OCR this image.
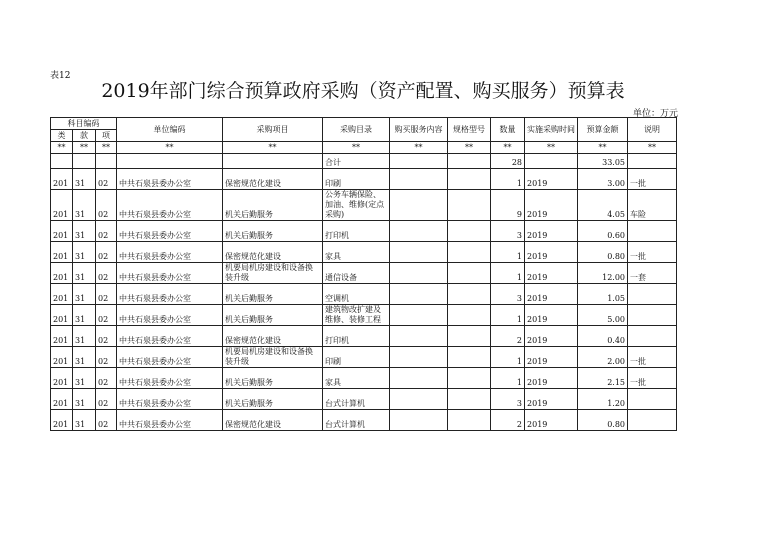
表12
2019年部门综合预算政府采购（资产配置、购买服务）预算表
单位：万元
科目编码			单位编码	采购项目	采购目录	购买服务内容	规格型号	数量	实施采购时间	预算金额	说明
类	款	项									
**	**	**	**	**	**	**	**	**	**	**	**
					合计			28		33.05	
201	31	02	中共石泉县委办公室	保密规范化建设	印刷			1	2019	3.00	一批
201	31	02	中共石泉县委办公室	机关后勤服务	公务车辆保险、加油、维修(定点采购)			9	2019	4.05	车险
201	31	02	中共石泉县委办公室	机关后勤服务	打印机			3	2019	0.60	
201	31	02	中共石泉县委办公室	保密规范化建设	家具			1	2019	0.80	一批
201	31	02	中共石泉县委办公室	机要局机房建设和设备换装升级	通信设备			1	2019	12.00	一套
201	31	02	中共石泉县委办公室	机关后勤服务	空调机			3	2019	1.05	
201	31	02	中共石泉县委办公室	机关后勤服务	建筑物改扩建及维修、装修工程			1	2019	5.00	
201	31	02	中共石泉县委办公室	保密规范化建设	打印机			2	2019	0.40	
201	31	02	中共石泉县委办公室	机要局机房建设和设备换装升级	印刷			1	2019	2.00	一批
201	31	02	中共石泉县委办公室	机关后勤服务	家具			1	2019	2.15	一批
201	31	02	中共石泉县委办公室	机关后勤服务	台式计算机			3	2019	1.20	
201	31	02	中共石泉县委办公室	保密规范化建设	台式计算机			2	2019	0.80	
